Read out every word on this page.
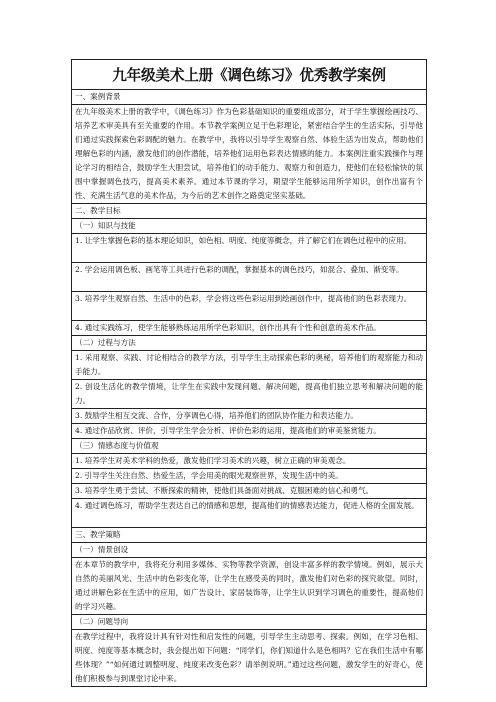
九年级美术上册《调色练习》优秀教学案例
一、案例背景
在九年级美术上册的教学中，《调色练习》作为色彩基础知识的重要组成部分，对于学生掌握绘画技巧、培养艺术审美具有至关重要的作用。本节教学案例立足于色彩理论，紧密结合学生的生活实际，引导他们通过实践探索色彩调配的魅力。在教学中，我将以引导学生观察自然、体验生活为出发点，帮助他们理解色彩的内涵，激发他们的创作潜能，培养他们运用色彩表达情感的能力。本案例注重实践操作与理论学习的相结合，鼓励学生大胆尝试，培养他们的动手能力、观察力和创造力，使他们在轻松愉快的氛围中掌握调色技巧，提高美术素养。通过本节课的学习，期望学生能够运用所学知识，创作出富有个性、充满生活气息的美术作品，为今后的艺术创作之路奠定坚实基础。
二、教学目标
（一）知识与技能
1. 让学生掌握色彩的基本理论知识，如色相、明度、纯度等概念，并了解它们在调色过程中的应用。
2. 学会运用调色板、画笔等工具进行色彩的调配，掌握基本的调色技巧，如混合、叠加、渐变等。
3. 培养学生观察自然、生活中的色彩，学会将这些色彩运用到绘画创作中，提高他们的色彩表现力。
4. 通过实践练习，使学生能够熟练运用所学色彩知识，创作出具有个性和创意的美术作品。
（二）过程与方法
1. 采用观察、实践、讨论相结合的教学方法，引导学生主动探索色彩的奥秘，培养他们的观察能力和动手能力。
2. 创设生活化的教学情境，让学生在实践中发现问题、解决问题，提高他们独立思考和解决问题的能力。
3. 鼓励学生相互交流、合作，分享调色心得，培养他们的团队协作能力和表达能力。
4. 通过作品欣赏、评价，引导学生学会分析、评价色彩的运用，提高他们的审美鉴赏能力。
（三）情感态度与价值观
1. 培养学生对美术学科的热爱，激发他们学习美术的兴趣，树立正确的审美观念。
2. 引导学生关注自然、热爱生活，学会用美的眼光观察世界，发现生活中的美。
3. 培养学生勇于尝试、不断探索的精神，使他们具备面对挑战、克服困难的信心和勇气。
4. 通过调色练习，帮助学生表达自己的情感和思想，提高他们的情感表达能力，促进人格的全面发展。
三、教学策略
（一）情景创设
在本章节的教学中，我将充分利用多媒体、实物等教学资源，创设丰富多样的教学情境。例如，展示大自然的美丽风光、生活中的色彩变化等，让学生在感受美的同时，激发他们对色彩的探究欲望。同时，通过讲解色彩在生活中的应用，如广告设计、家居装饰等，让学生认识到学习调色的重要性，提高他们的学习兴趣。
（二）问题导向
在教学过程中，我将设计具有针对性和启发性的问题，引导学生主动思考、探索。例如，在学习色相、明度、纯度等基本概念时，我会提出如下问题：“同学们，你们知道什么是色相吗？它在我们生活中有哪些体现？”“如何通过调整明度、纯度来改变色彩？请举例说明。”通过这些问题，激发学生的好奇心，使他们积极参与到课堂讨论中来。
